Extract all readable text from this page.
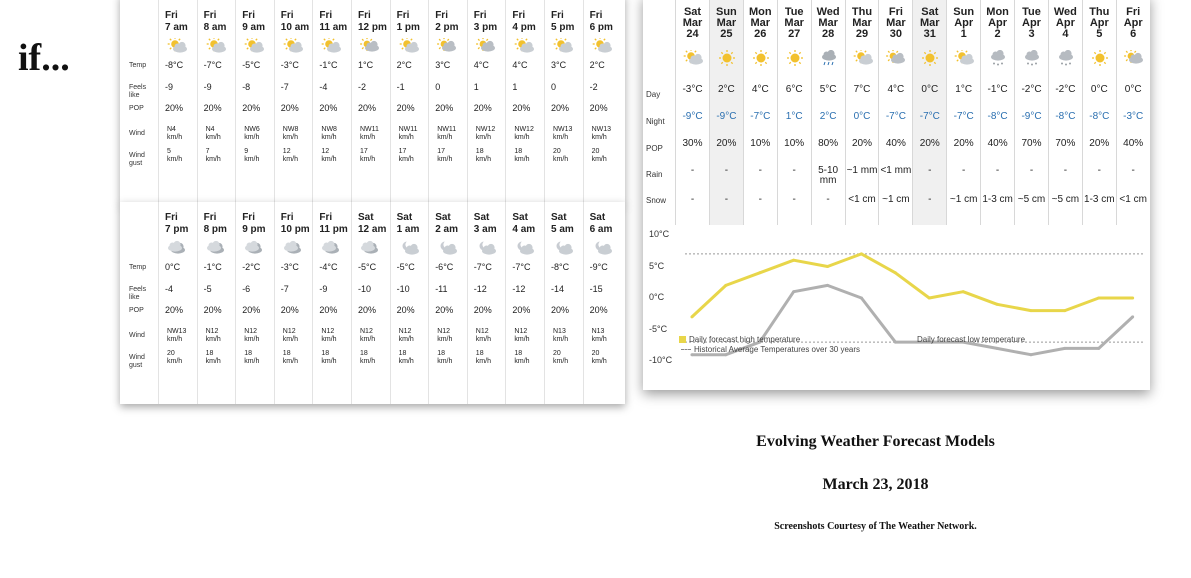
if...	Temp
Feels
like
POP
Wind
Wind
gust
Fri
7 am
-8°C
-9
20%
N4
km/h
5
km/h
Fri
8 am
-7°C
-9
20%
N4
km/h
7
km/h
Fri
9 am
-5°C
-8
20%
NW6
km/h
9
km/h
Fri
10 am
-3°C
-7
20%
NW8
km/h
12
km/h
Fri
11 am
-1°C
-4
20%
NW8
km/h
12
km/h
Fri
12 pm
1°C
-2
20%
NW11
km/h
17
km/h
Fri
1 pm
2°C
-1
20%
NW11
km/h
17
km/h
Fri
2 pm
3°C
0
20%
NW11
km/h
17
km/h
Fri
3 pm
4°C
1
20%
NW12
km/h
18
km/h
Fri
4 pm
4°C
1
20%
NW12
km/h
18
km/h
Fri
5 pm
3°C
0
20%
NW13
km/h
20
km/h
Fri
6 pm
2°C
-2
20%
NW13
km/h
20
km/h
Temp
Feels
like
POP
Wind
Wind
gust
Fri
7 pm
0°C
-4
20%
NW13
km/h
20
km/h
Fri
8 pm
-1°C
-5
20%
N12
km/h
18
km/h
Fri
9 pm
-2°C
-6
20%
N12
km/h
18
km/h
Fri
10 pm
-3°C
-7
20%
N12
km/h
18
km/h
Fri
11 pm
-4°C
-9
20%
N12
km/h
18
km/h
Sat
12 am
-5°C
-10
20%
N12
km/h
18
km/h
Sat
1 am
-5°C
-10
20%
N12
km/h
18
km/h
Sat
2 am
-6°C
-11
20%
N12
km/h
18
km/h
Sat
3 am
-7°C
-12
20%
N12
km/h
18
km/h
Sat
4 am
-7°C
-12
20%
N12
km/h
18
km/h
Sat
5 am
-8°C
-14
20%
N13
km/h
20
km/h
Sat
6 am
-9°C
-15
20%
N13
km/h
20
km/h
Day
Night
POP
Rain
Snow
Sat
Mar
24
-3°C
-9°C
30%
-
-
Sun
Mar
25
2°C
-9°C
20%
-
-
Mon
Mar
26
4°C
-7°C
10%
-
-
Tue
Mar
27
6°C
1°C
10%
-
-
Wed
Mar
28
5°C
2°C
80%
5-10
mm
-
Thu
Mar
29
7°C
0°C
20%
~1 mm
<1 cm
Fri
Mar
30
4°C
-7°C
40%
<1 mm
~1 cm
Sat
Mar
31
0°C
-7°C
20%
-
-
Sun
Apr
1
1°C
-7°C
20%
-
~1 cm
Mon
Apr
2
-1°C
-8°C
40%
-
1-3 cm
Tue
Apr
3
-2°C
-9°C
70%
-
~5 cm
Wed
Apr
4
-2°C
-8°C
70%
-
~5 cm
Thu
Apr
5
0°C
-8°C
20%
-
1-3 cm
Fri
Apr
6
0°C
-3°C
40%
-
<1 cm
10°C
5°C
0°C
-5°C
-10°C
Daily forecast high temperature	Daily forecast low temperature
Historical Average Temperatures over 30 years
Evolving Weather Forecast Models
March 23, 2018
Screenshots Courtesy of The Weather Network.
